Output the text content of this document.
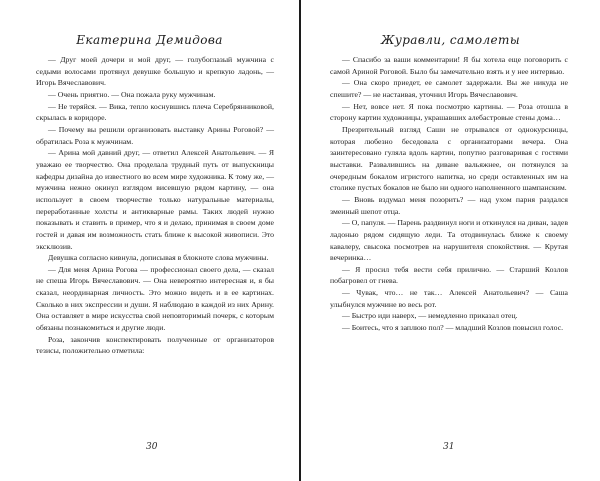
Екатерина Демидова

— Друг моей дочери и мой друг, — голубоглазый мужчина с седыми волосами протянул девушке большую и крепкую ладонь, — Игорь Вячеславович.

— Очень приятно. — Она пожала руку мужчинам.

— Не теряйся. — Вика, тепло коснувшись плеча Серебрянниковой, скрылась в коридоре.

— Почему вы решили организовать выставку Арины Роговой? — обратилась Роза к мужчинам.

— Арина мой давний друг, — ответил Алексей Анатольевич. — Я уважаю ее творчество. Она проделала трудный путь от выпускницы кафедры дизайна до известного во всем мире художника. К тому же, — мужчина нежно окинул взглядом висевшую рядом картину, — она использует в своем творчестве только натуральные материалы, переработанные холсты и антикварные рамы. Таких людей нужно показывать и ставить в пример, что я и делаю, принимая в своем доме гостей и давая им возможность стать ближе к высокой живописи. Это эксклюзив.

Девушка согласно кивнула, дописывая в блокноте слова мужчины.

— Для меня Арина Рогова — профессионал своего дела, — сказал не спеша Игорь Вячеславович. — Она невероятно интересная и, я бы сказал, неординарная личность. Это можно видеть и в ее картинах. Сколько в них экспрессии и души. Я наблюдаю в каждой из них Арину. Она оставляет в мире искусства свой неповторимый почерк, с которым обязаны познакомиться и другие люди.

Роза, закончив конспектировать полученные от организаторов тезисы, положительно отметила:

30
Журавли, самолеты

— Спасибо за ваши комментарии! Я бы хотела еще поговорить с самой Ариной Роговой. Было бы замечательно взять и у нее интервью.

— Она скоро приедет, ее самолет задержали. Вы же никуда не спешите? — не настаивая, уточнил Игорь Вячеславович.

— Нет, вовсе нет. Я пока посмотрю картины. — Роза отошла в сторону картин художницы, украшавших алебастровые стены дома…

Презрительный взгляд Саши не отрывался от однокурсницы, которая любезно беседовала с организаторами вечера. Она заинтересовано гуляла вдоль картин, попутно разговаривая с гостями выставки. Развалившись на диване вальяжнее, он потянулся за очередным бокалом игристого напитка, но среди оставленных им на столике пустых бокалов не было ни одного наполненного шампанским.

— Вновь вздумал меня позорить? — над ухом парня раздался змеиный шепот отца.

— О, папуля. — Парень раздвинул ноги и откинулся на диван, задев ладонью рядом сидящую леди. Та отодвинулась ближе к своему кавалеру, свысока посмотрев на нарушителя спокойствия. — Крутая вечеринка…

— Я просил тебя вести себя прилично. — Старший Козлов побагровел от гнева.

— Чувак, что… не так… Алексей Анатольевич? — Саша улыбнулся мужчине во весь рот.

— Быстро иди наверх, — немедленно приказал отец.

— Боитесь, что я заплюю пол? — младший Козлов повысил голос.

31
